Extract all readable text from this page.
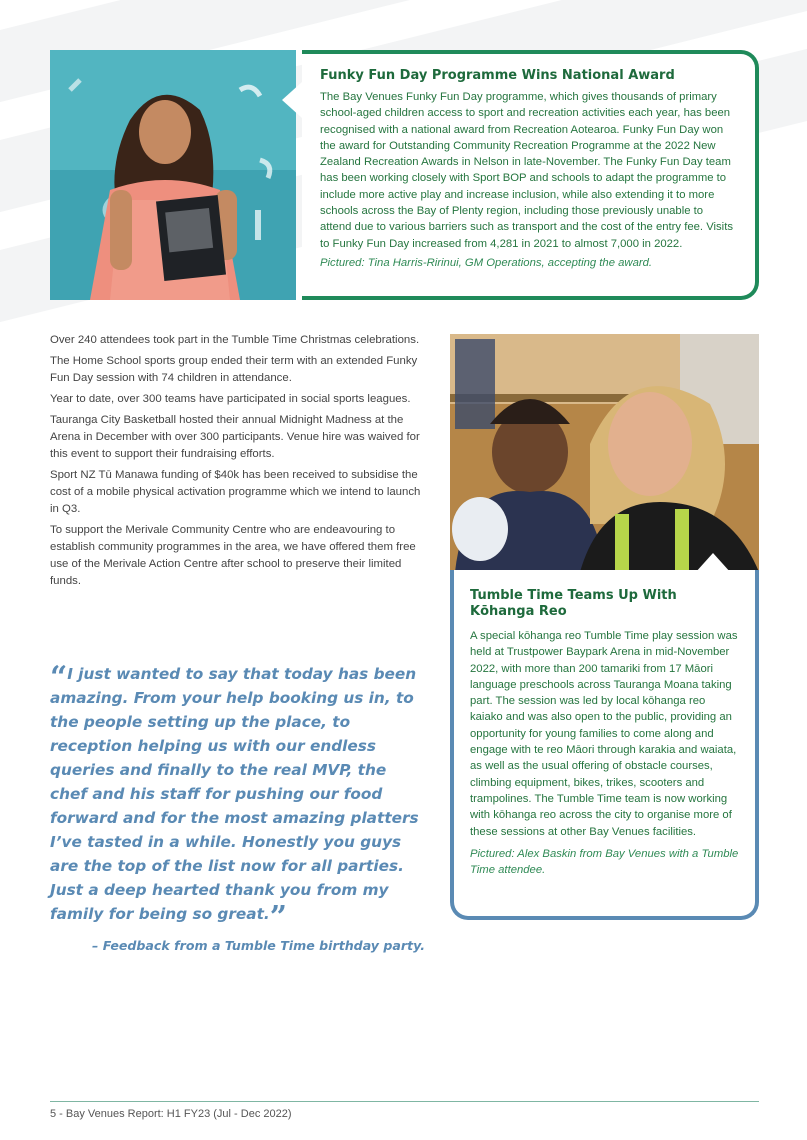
Funky Fun Day Programme Wins National Award
The Bay Venues Funky Fun Day programme, which gives thousands of primary school-aged children access to sport and recreation activities each year, has been recognised with a national award from Recreation Aotearoa. Funky Fun Day won the award for Outstanding Community Recreation Programme at the 2022 New Zealand Recreation Awards in Nelson in late-November. The Funky Fun Day team has been working closely with Sport BOP and schools to adapt the programme to include more active play and increase inclusion, while also extending it to more schools across the Bay of Plenty region, including those previously unable to attend due to various barriers such as transport and the cost of the entry fee. Visits to Funky Fun Day increased from 4,281 in 2021 to almost 7,000 in 2022.
Pictured: Tina Harris-Ririnui, GM Operations, accepting the award.

Over 240 attendees took part in the Tumble Time Christmas celebrations.

The Home School sports group ended their term with an extended Funky Fun Day session with 74 children in attendance.

Year to date, over 300 teams have participated in social sports leagues.

Tauranga City Basketball hosted their annual Midnight Madness at the Arena in December with over 300 participants. Venue hire was waived for this event to support their fundraising efforts.

Sport NZ Tū Manawa funding of $40k has been received to subsidise the cost of a mobile physical activation programme which we intend to launch in Q3.

To support the Merivale Community Centre who are endeavouring to establish community programmes in the area, we have offered them free use of the Merivale Action Centre after school to preserve their limited funds.

“I just wanted to say that today has been amazing. From your help booking us in, to the people setting up the place, to reception helping us with our endless queries and finally to the real MVP, the chef and his staff for pushing our food forward and for the most amazing platters I’ve tasted in a while. Honestly you guys are the top of the list now for all parties. Just a deep hearted thank you from my family for being so great.”
– Feedback from a Tumble Time birthday party.
Tumble Time Teams Up With Kōhanga Reo
A special kōhanga reo Tumble Time play session was held at Trustpower Baypark Arena in mid-November 2022, with more than 200 tamariki from 17 Māori language preschools across Tauranga Moana taking part. The session was led by local kōhanga reo kaiako and was also open to the public, providing an opportunity for young families to come along and engage with te reo Māori through karakia and waiata, as well as the usual offering of obstacle courses, climbing equipment, bikes, trikes, scooters and trampolines. The Tumble Time team is now working with kōhanga reo across the city to organise more of these sessions at other Bay Venues facilities.
Pictured: Alex Baskin from Bay Venues with a Tumble Time attendee.
5 - Bay Venues Report: H1 FY23 (Jul - Dec 2022)
